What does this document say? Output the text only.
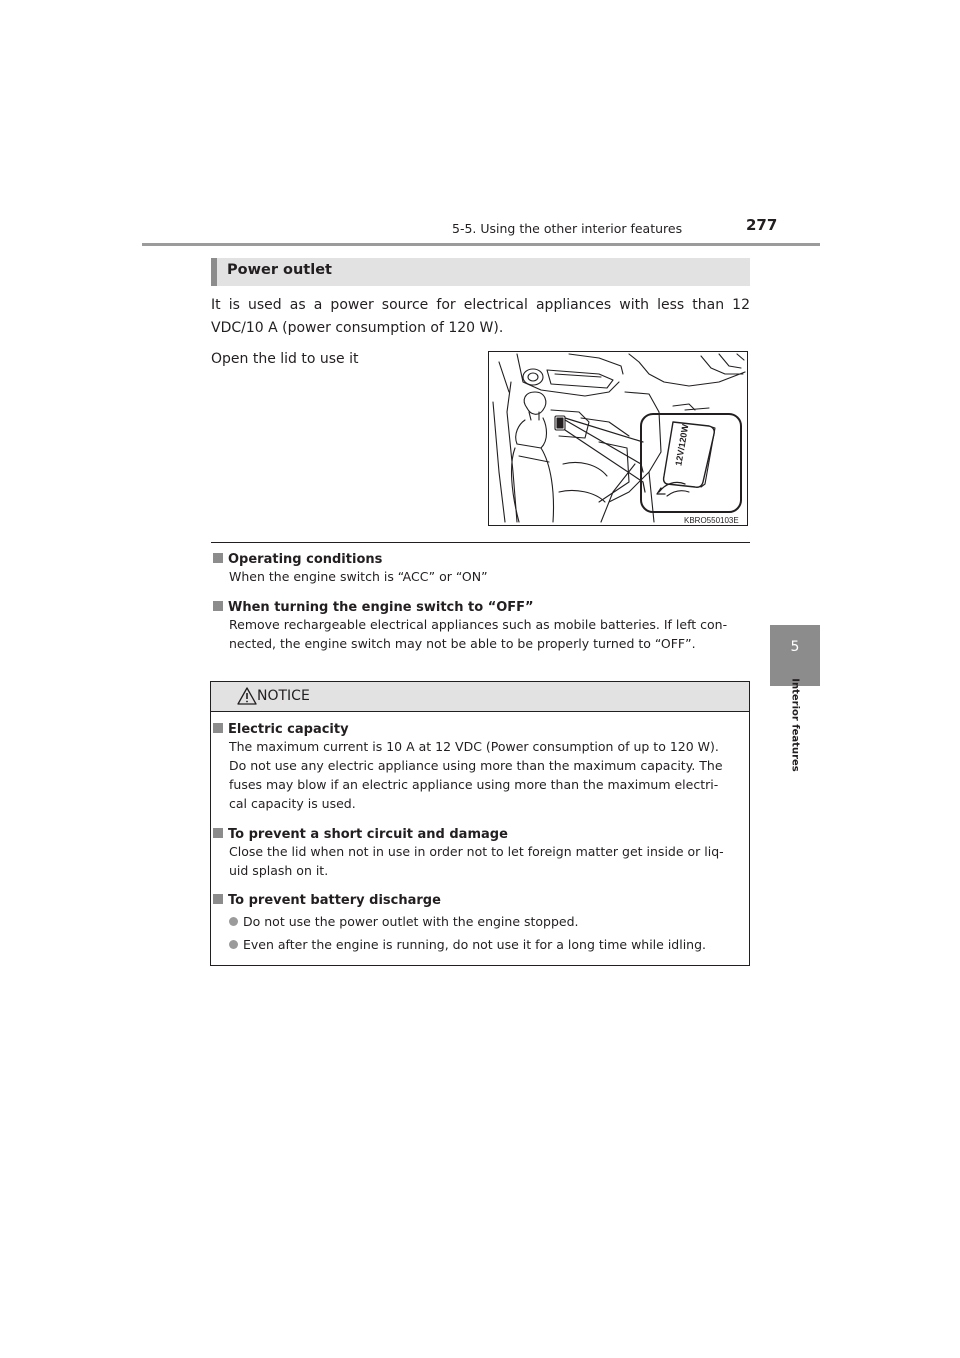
5-5. Using the other interior features	277
5
Interior features
Power outlet
It is used as a power source for electrical appliances with less than 12 VDC/10 A (power consumption of 120 W).
Open the lid to use it
12V/120W
KBRO550103E
Operating conditions
When the engine switch is “ACC” or “ON”
When turning the engine switch to “OFF”
Remove rechargeable electrical appliances such as mobile batteries. If left con-
nected, the engine switch may not be able to be properly turned to “OFF”.
NOTICE
Electric capacity
The maximum current is 10 A at 12 VDC (Power consumption of up to 120 W).
Do not use any electric appliance using more than the maximum capacity. The
fuses may blow if an electric appliance using more than the maximum electri-
cal capacity is used.
To prevent a short circuit and damage
Close the lid when not in use in order not to let foreign matter get inside or liq-
uid splash on it.
To prevent battery discharge
Do not use the power outlet with the engine stopped.
Even after the engine is running, do not use it for a long time while idling.
